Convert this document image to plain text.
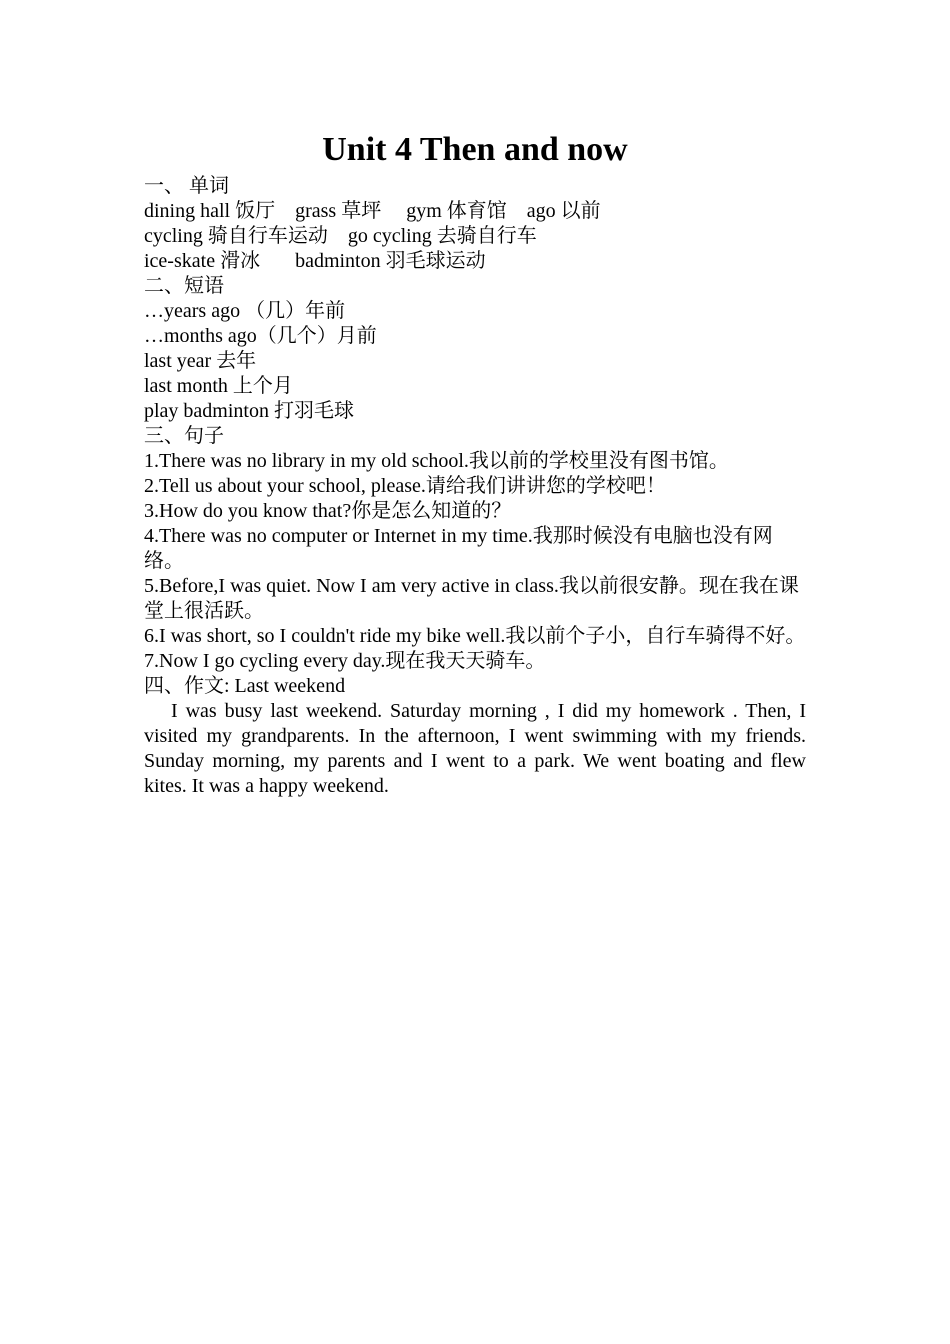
Unit 4 Then and now
一、 单词
dining hall 饭厅    grass 草坪     gym 体育馆    ago 以前
cycling 骑自行车运动    go cycling 去骑自行车
ice-skate 滑冰       badminton 羽毛球运动
二、短语
…years ago （几）年前
…months ago（几个）月前
last year 去年
last month 上个月
play badminton 打羽毛球
三、句子
1.There was no library in my old school.我以前的学校里没有图书馆。
2.Tell us about your school, please.请给我们讲讲您的学校吧！
3.How do you know that?你是怎么知道的？
4.There was no computer or Internet in my time.我那时候没有电脑也没有网络。
5.Before,I was quiet. Now I am very active in class.我以前很安静。现在我在课堂上很活跃。
6.I was short, so I couldn't ride my bike well.我以前个子小，自行车骑得不好。
7.Now I go cycling every day.现在我天天骑车。
四、作文: Last weekend
I was busy last weekend. Saturday morning , I did my homework . Then, I visited my grandparents. In the afternoon, I went swimming with my friends. Sunday morning, my parents and I went to a park. We went boating and flew kites. It was a happy weekend.
